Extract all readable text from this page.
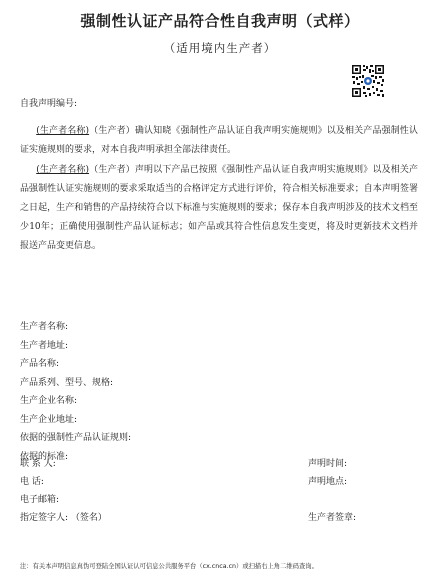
强制性认证产品符合性自我声明（式样）
（适用境内生产者）
自我声明编号:

(生产者名称)（生产者）确认知晓《强制性产品认证自我声明实施规则》以及相关产品强制性认证实施规则的要求，对本自我声明承担全部法律责任。

(生产者名称)（生产者）声明以下产品已按照《强制性产品认证自我声明实施规则》以及相关产品强制性认证实施规则的要求采取适当的合格评定方式进行评价，符合相关标准要求；自本声明签署之日起，生产和销售的产品持续符合以下标准与实施规则的要求；保存本自我声明涉及的技术文档至少10年；正确使用强制性产品认证标志；如产品或其符合性信息发生变更，将及时更新技术文档并报送产品变更信息。

生产者名称:
生产者地址:
产品名称:
产品系列、型号、规格:
生产企业名称:
生产企业地址:
依据的强制性产品认证规则:
依据的标准:
联 系 人:
电 话:
电子邮箱:
指定签字人: （签名）
声明时间:
声明地点:
生产者签章:
注：有关本声明信息真伪可登陆全国认证认可信息公共服务平台（cx.cnca.cn）或扫描右上角二维码查询。
